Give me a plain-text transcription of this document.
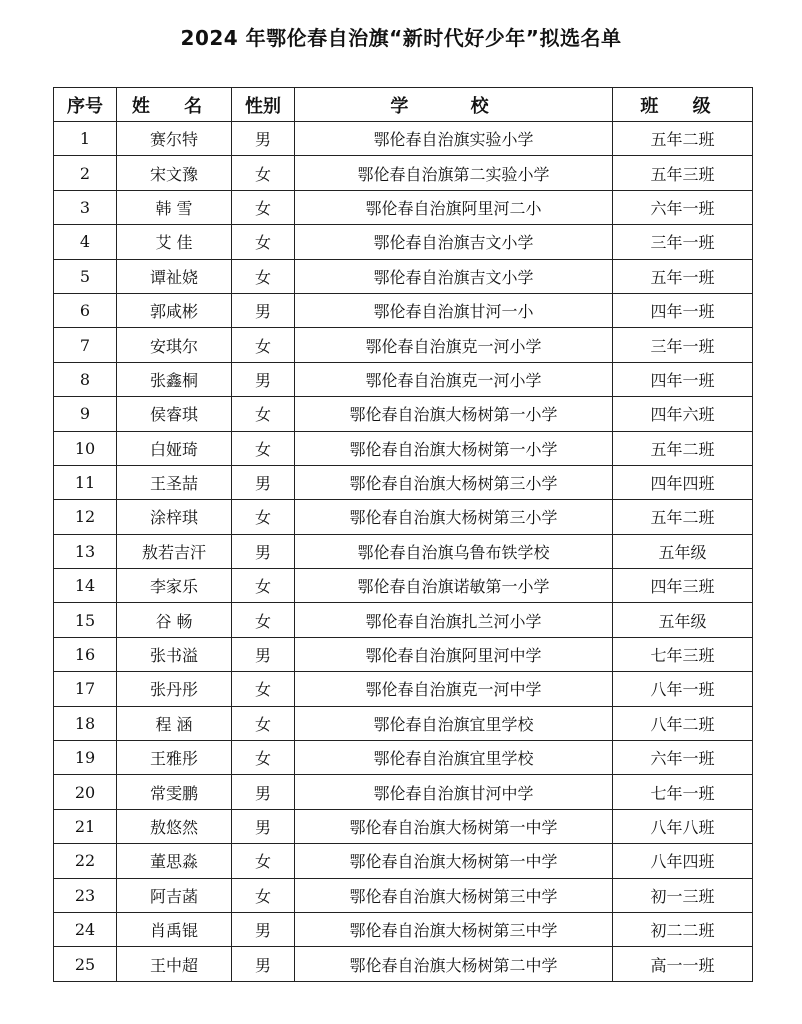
2024 年鄂伦春自治旗“新时代好少年”拟选名单
序号	姓 名	性别	学 校	班 级
1	赛尔特	男	鄂伦春自治旗实验小学	五年二班
2	宋文豫	女	鄂伦春自治旗第二实验小学	五年三班
3	韩 雪	女	鄂伦春自治旗阿里河二小	六年一班
4	艾 佳	女	鄂伦春自治旗吉文小学	三年一班
5	谭祉娆	女	鄂伦春自治旗吉文小学	五年一班
6	郭咸彬	男	鄂伦春自治旗甘河一小	四年一班
7	安琪尔	女	鄂伦春自治旗克一河小学	三年一班
8	张鑫桐	男	鄂伦春自治旗克一河小学	四年一班
9	侯睿琪	女	鄂伦春自治旗大杨树第一小学	四年六班
10	白娅琦	女	鄂伦春自治旗大杨树第一小学	五年二班
11	王圣喆	男	鄂伦春自治旗大杨树第三小学	四年四班
12	涂梓琪	女	鄂伦春自治旗大杨树第三小学	五年二班
13	敖若吉汗	男	鄂伦春自治旗乌鲁布铁学校	五年级
14	李家乐	女	鄂伦春自治旗诺敏第一小学	四年三班
15	谷 畅	女	鄂伦春自治旗扎兰河小学	五年级
16	张书溢	男	鄂伦春自治旗阿里河中学	七年三班
17	张丹彤	女	鄂伦春自治旗克一河中学	八年一班
18	程 涵	女	鄂伦春自治旗宜里学校	八年二班
19	王雅彤	女	鄂伦春自治旗宜里学校	六年一班
20	常雯鹏	男	鄂伦春自治旗甘河中学	七年一班
21	敖悠然	男	鄂伦春自治旗大杨树第一中学	八年八班
22	董思淼	女	鄂伦春自治旗大杨树第一中学	八年四班
23	阿吉菡	女	鄂伦春自治旗大杨树第三中学	初一三班
24	肖禹锟	男	鄂伦春自治旗大杨树第三中学	初二二班
25	王中超	男	鄂伦春自治旗大杨树第二中学	高一一班
